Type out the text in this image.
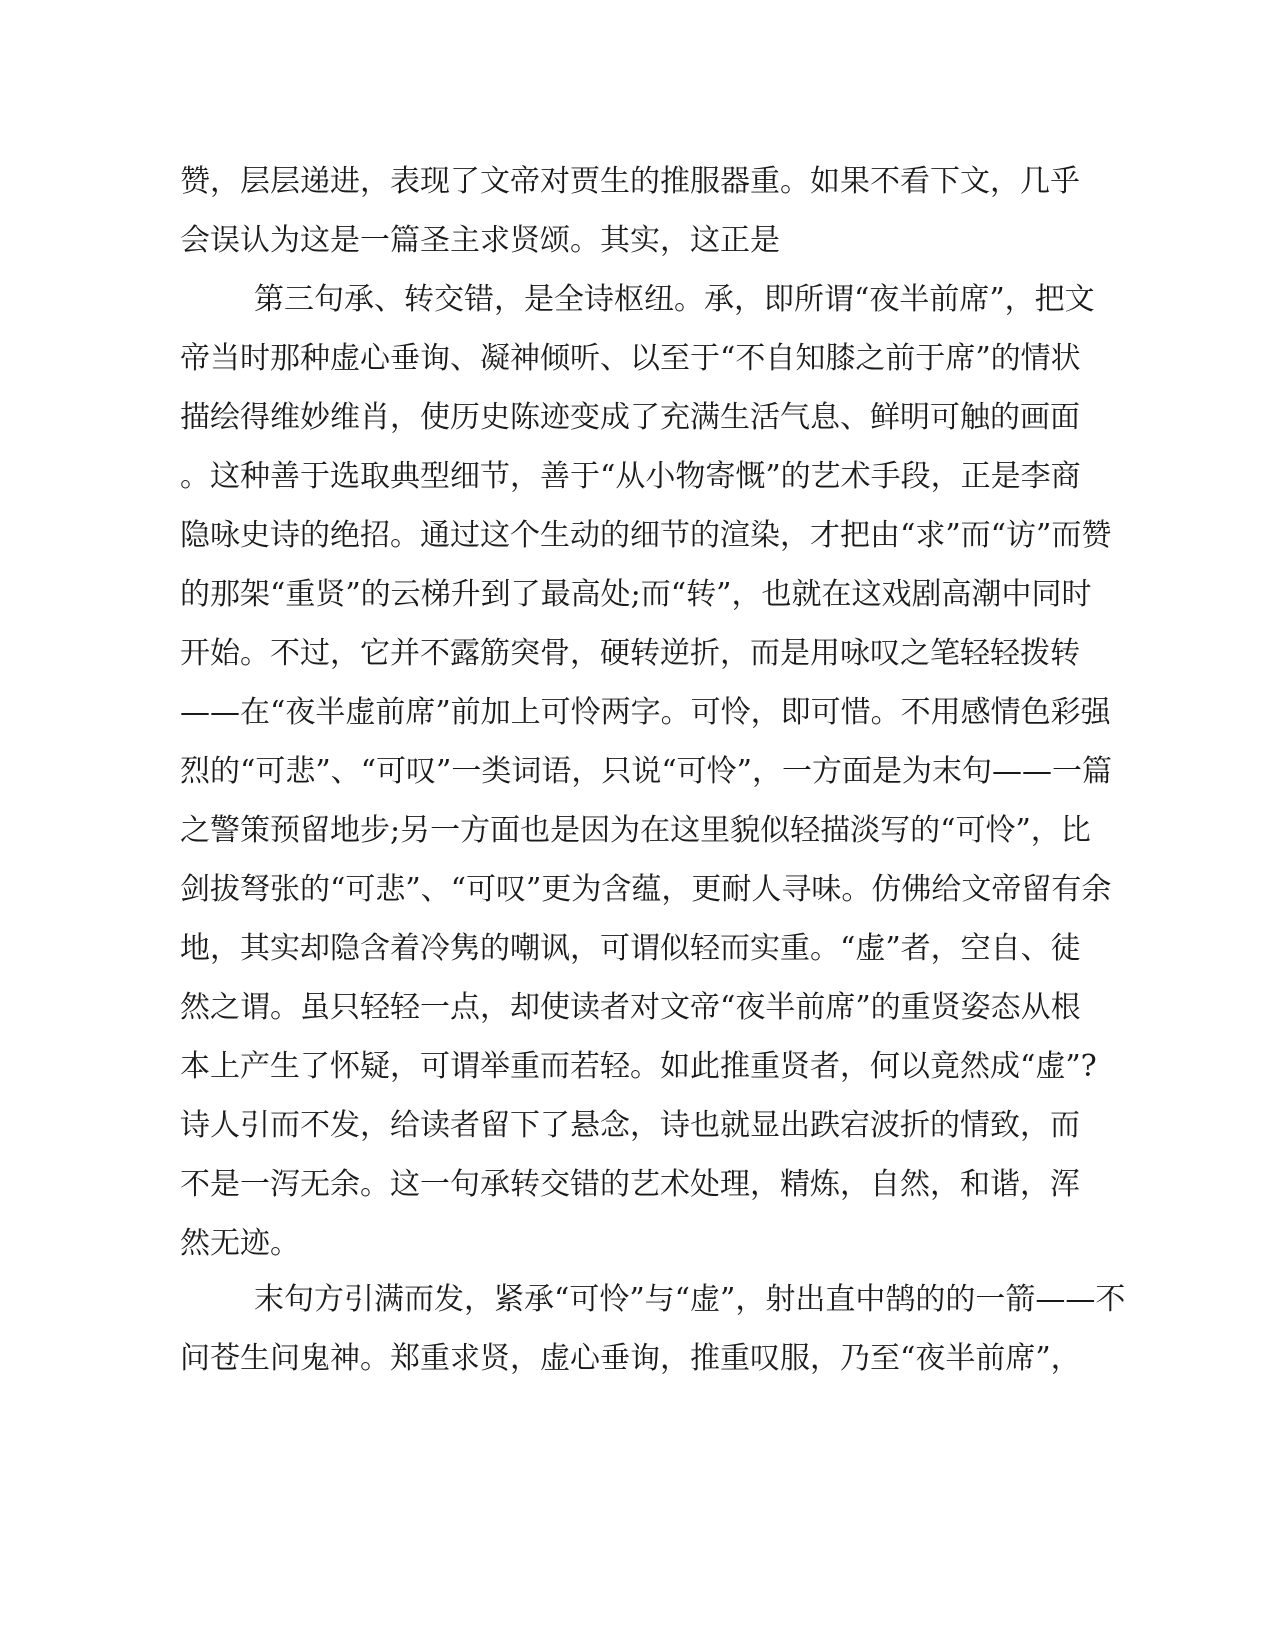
赞，层层递进，表现了文帝对贾生的推服器重。如果不看下文，几乎

会误认为这是一篇圣主求贤颂。其实，这正是

第三句承、转交错，是全诗枢纽。承，即所谓“夜半前席”，把文

帝当时那种虚心垂询、凝神倾听、以至于“不自知膝之前于席”的情状

描绘得维妙维肖，使历史陈迹变成了充满生活气息、鲜明可触的画面

。这种善于选取典型细节，善于“从小物寄慨”的艺术手段，正是李商

隐咏史诗的绝招。通过这个生动的细节的渲染，才把由“求”而“访”而赞

的那架“重贤”的云梯升到了最高处;而“转”，也就在这戏剧高潮中同时

开始。不过，它并不露筋突骨，硬转逆折，而是用咏叹之笔轻轻拨转

——在“夜半虚前席”前加上可怜两字。可怜，即可惜。不用感情色彩强

烈的“可悲”、“可叹”一类词语，只说“可怜”，一方面是为末句——一篇

之警策预留地步;另一方面也是因为在这里貌似轻描淡写的“可怜”，比

剑拔弩张的“可悲”、“可叹”更为含蕴，更耐人寻味。仿佛给文帝留有余

地，其实却隐含着冷隽的嘲讽，可谓似轻而实重。“虚”者，空自、徒

然之谓。虽只轻轻一点，却使读者对文帝“夜半前席”的重贤姿态从根

本上产生了怀疑，可谓举重而若轻。如此推重贤者，何以竟然成“虚”?

诗人引而不发，给读者留下了悬念，诗也就显出跌宕波折的情致，而

不是一泻无余。这一句承转交错的艺术处理，精炼，自然，和谐，浑

然无迹。

末句方引满而发，紧承“可怜”与“虚”，射出直中鹄的的一箭——不

问苍生问鬼神。郑重求贤，虚心垂询，推重叹服，乃至“夜半前席”，
